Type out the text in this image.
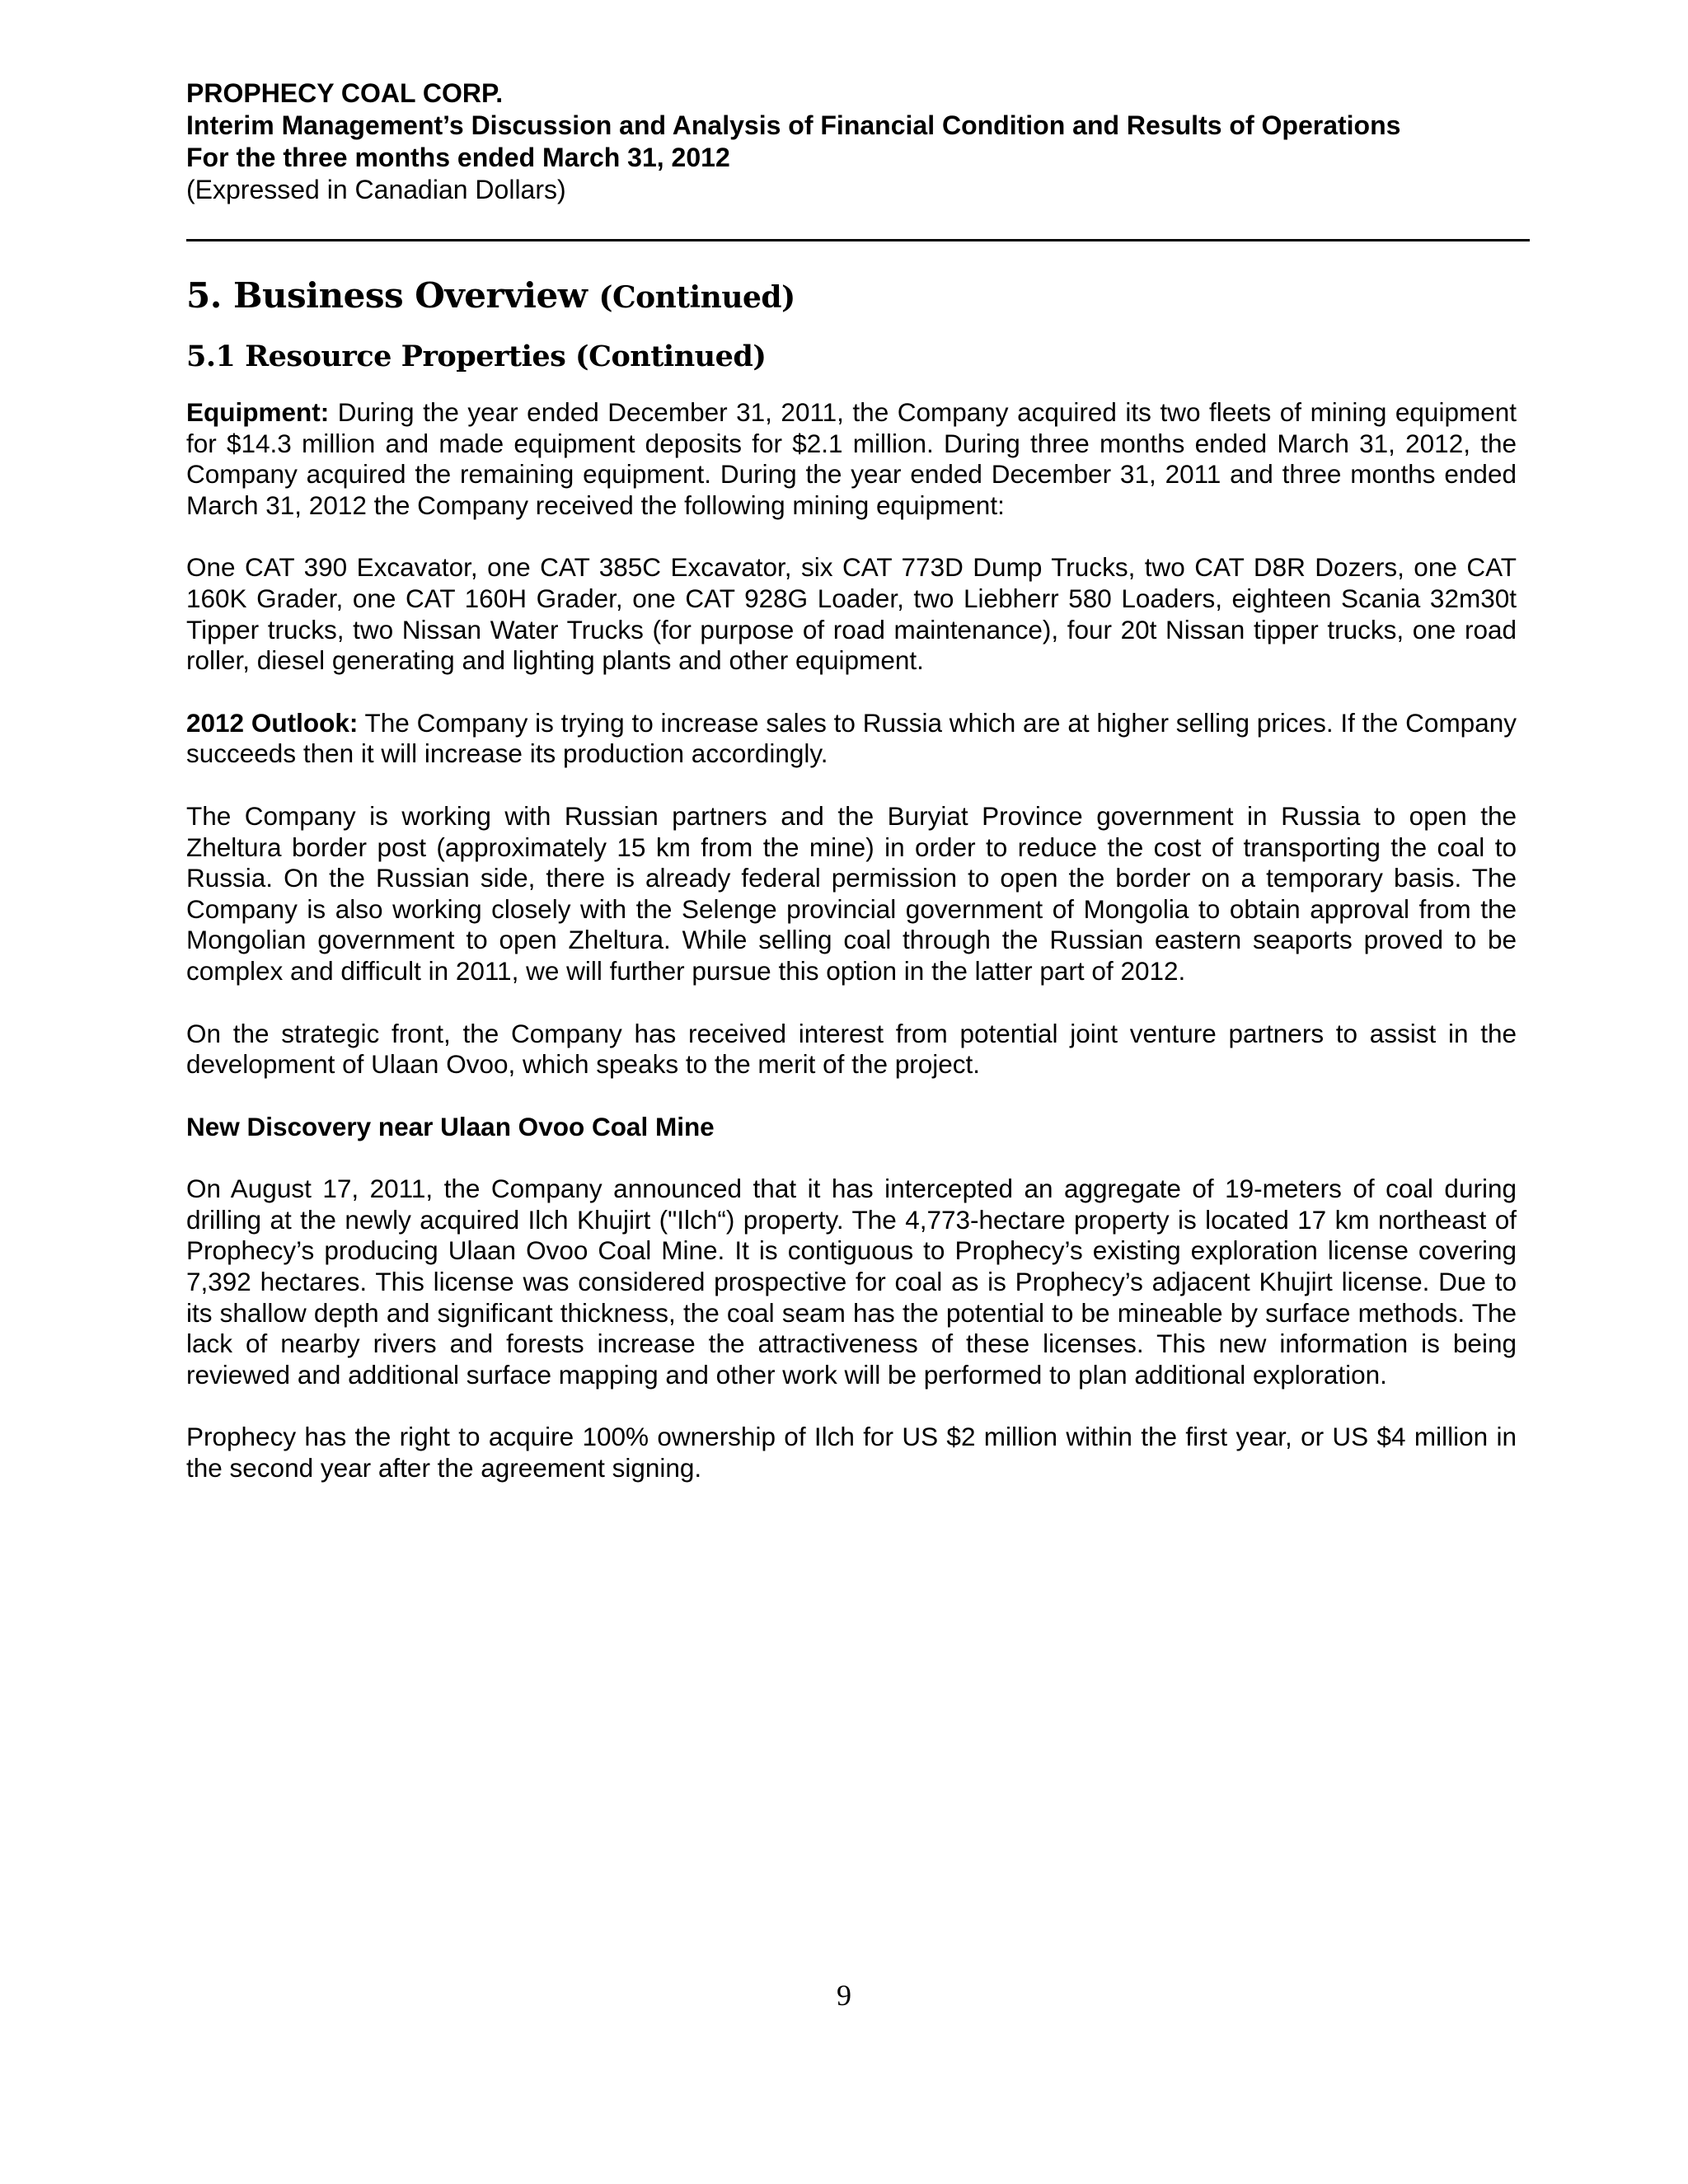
PROPHECY COAL CORP.
Interim Management’s Discussion and Analysis of Financial Condition and Results of Operations
For the three months ended March 31, 2012
(Expressed in Canadian Dollars)
5. Business Overview (Continued)
5.1 Resource Properties (Continued)

Equipment: During the year ended December 31, 2011, the Company acquired its two fleets of mining equipment for $14.3 million and made equipment deposits for $2.1 million. During three months ended March 31, 2012, the Company acquired the remaining equipment. During the year ended December 31, 2011 and three months ended March 31, 2012 the Company received the following mining equipment:

One CAT 390 Excavator, one CAT 385C Excavator, six CAT 773D Dump Trucks, two CAT D8R Dozers, one CAT 160K Grader, one CAT 160H Grader, one CAT 928G Loader, two Liebherr 580 Loaders, eighteen Scania 32m30t Tipper trucks, two Nissan Water Trucks (for purpose of road maintenance), four 20t Nissan tipper trucks, one road roller, diesel generating and lighting plants and other equipment.

2012 Outlook: The Company is trying to increase sales to Russia which are at higher selling prices. If the Company succeeds then it will increase its production accordingly.

The Company is working with Russian partners and the Buryiat Province government in Russia to open the Zheltura border post (approximately 15 km from the mine) in order to reduce the cost of transporting the coal to Russia. On the Russian side, there is already federal permission to open the border on a temporary basis. The Company is also working closely with the Selenge provincial government of Mongolia to obtain approval from the Mongolian government to open Zheltura. While selling coal through the Russian eastern seaports proved to be complex and difficult in 2011, we will further pursue this option in the latter part of 2012.

On the strategic front, the Company has received interest from potential joint venture partners to assist in the development of Ulaan Ovoo, which speaks to the merit of the project.

New Discovery near Ulaan Ovoo Coal Mine

On August 17, 2011, the Company announced that it has intercepted an aggregate of 19-meters of coal during drilling at the newly acquired Ilch Khujirt ("Ilch“) property. The 4,773-hectare property is located 17 km northeast of Prophecy’s producing Ulaan Ovoo Coal Mine. It is contiguous to Prophecy’s existing exploration license covering 7,392 hectares. This license was considered prospective for coal as is Prophecy’s adjacent Khujirt license. Due to its shallow depth and significant thickness, the coal seam has the potential to be mineable by surface methods. The lack of nearby rivers and forests increase the attractiveness of these licenses. This new information is being reviewed and additional surface mapping and other work will be performed to plan additional exploration.

Prophecy has the right to acquire 100% ownership of Ilch for US $2 million within the first year, or US $4 million in the second year after the agreement signing.

9
